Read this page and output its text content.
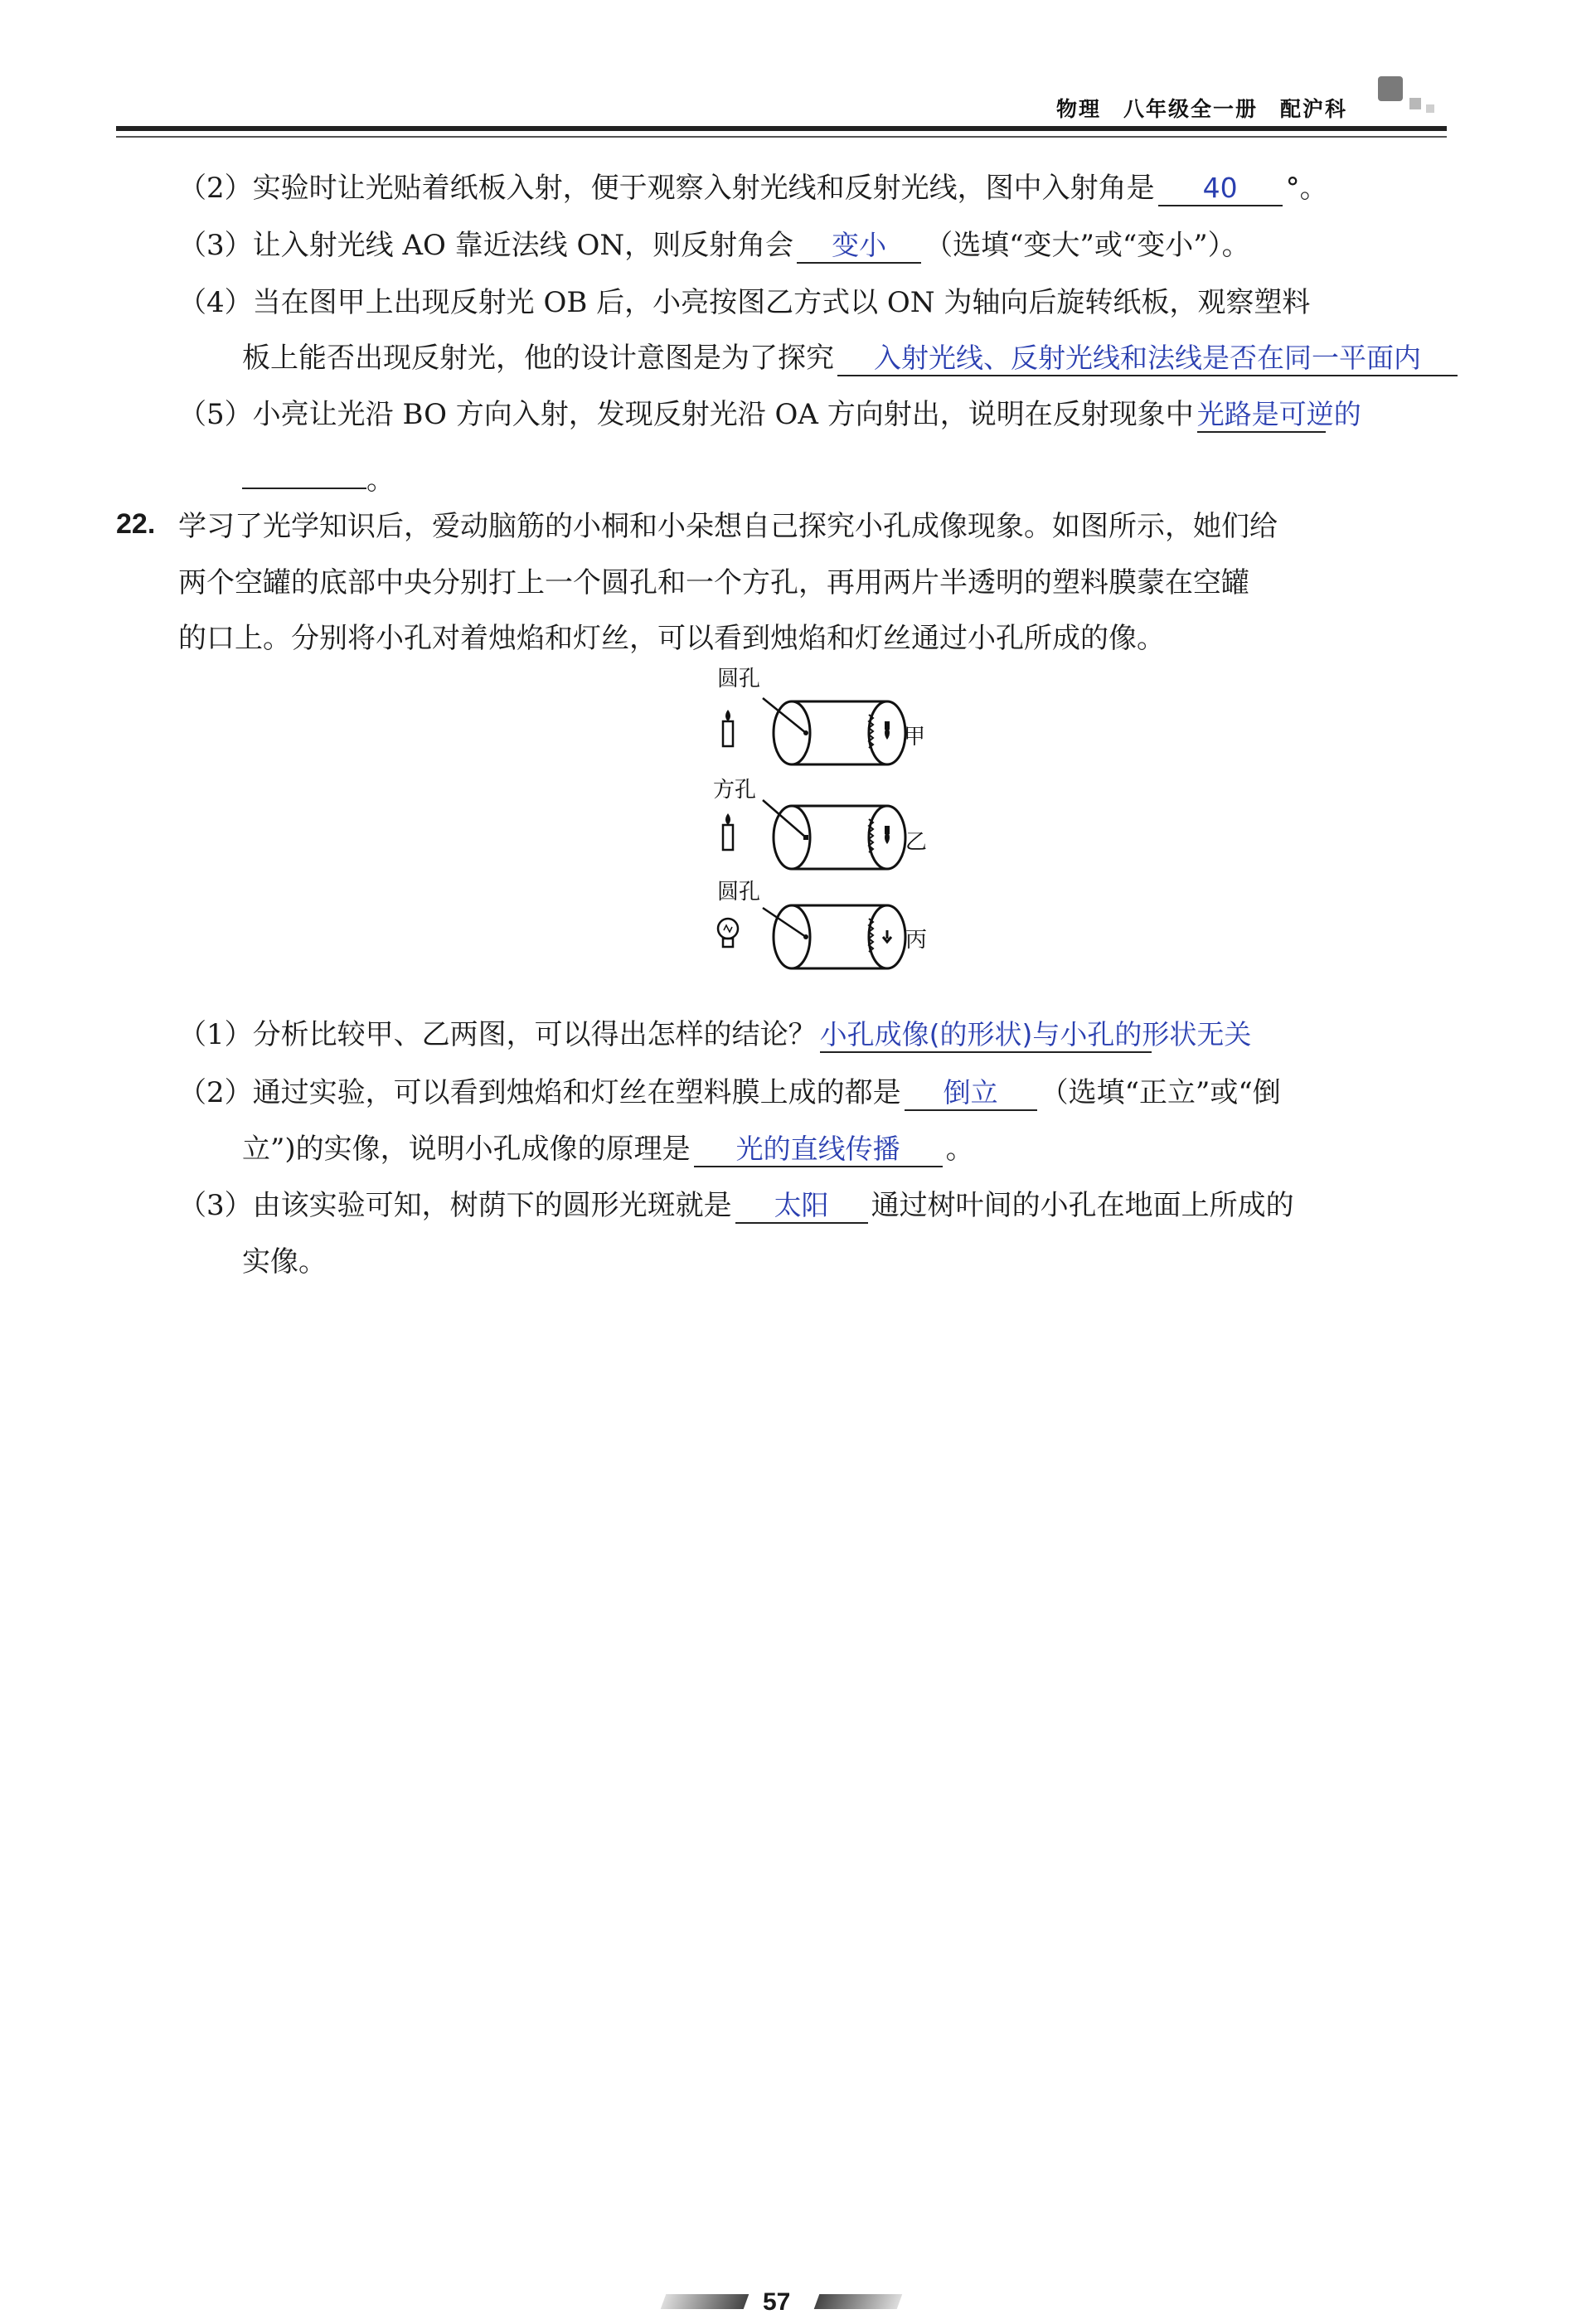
物理　八年级全一册　配沪科
（2）实验时让光贴着纸板入射，便于观察入射光线和反射光线，图中入射角是 40 °。
（3）让入射光线 AO 靠近法线 ON，则反射角会 变小 （选填“变大”或“变小”）。
（4）当在图甲上出现反射光 OB 后，小亮按图乙方式以 ON 为轴向后旋转纸板，观察塑料
板上能否出现反射光，他的设计意图是为了探究 入射光线、反射光线和法线是否在同一平面内
（5）小亮让光沿 BO 方向入射，发现反射光沿 OA 方向射出，说明在反射现象中 光路是可逆的
。
22. 学习了光学知识后，爱动脑筋的小桐和小朵想自己探究小孔成像现象。如图所示，她们给
两个空罐的底部中央分别打上一个圆孔和一个方孔，再用两片半透明的塑料膜蒙在空罐
的口上。分别将小孔对着烛焰和灯丝，可以看到烛焰和灯丝通过小孔所成的像。
圆孔
方孔
圆孔
甲
乙
丙
（1）分析比较甲、乙两图，可以得出怎样的结论？ 小孔成像(的形状)与小孔的形状无关
（2）通过实验，可以看到烛焰和灯丝在塑料膜上成的都是 倒立 （选填“正立”或“倒
立”)的实像，说明小孔成像的原理是 光的直线传播 。
（3）由该实验可知，树荫下的圆形光斑就是 太阳 通过树叶间的小孔在地面上所成的
实像。
57
